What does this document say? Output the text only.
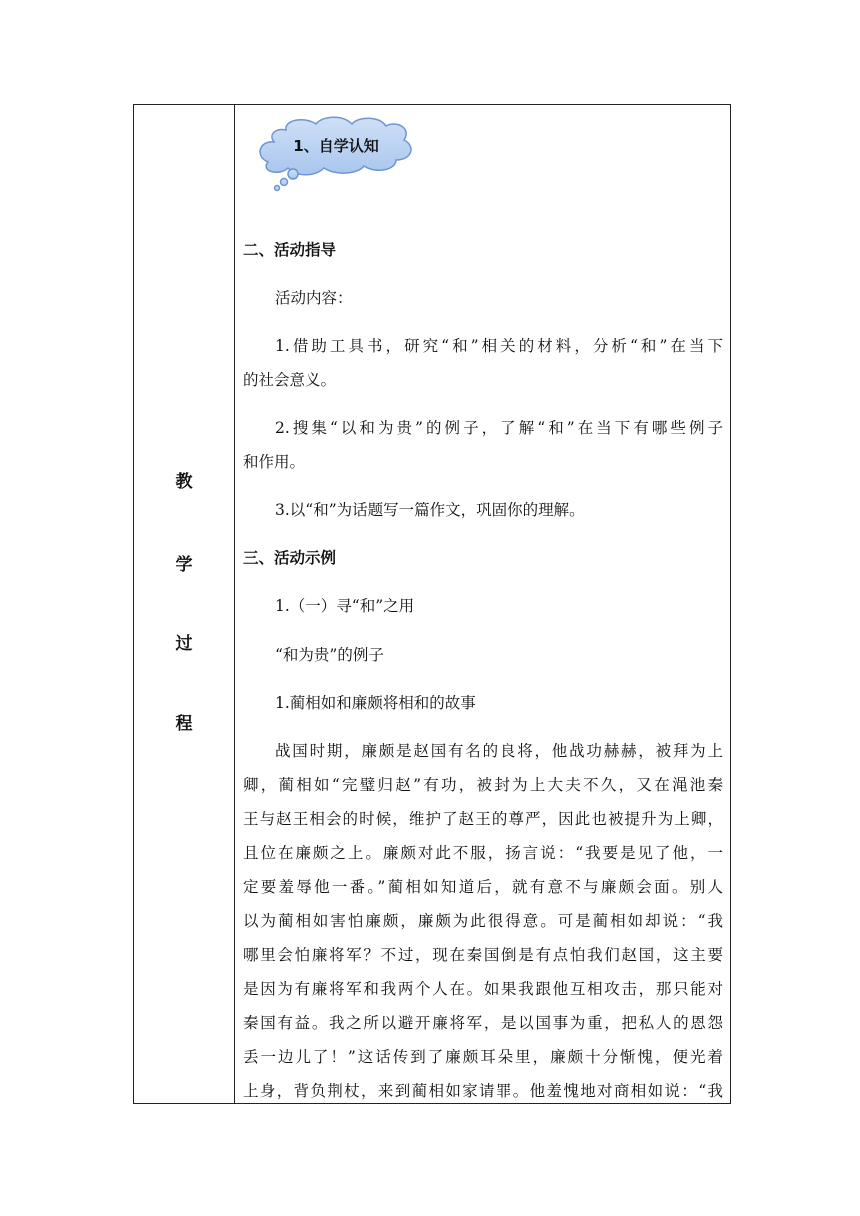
教
学
过
程
1、自学认知
二、活动指导
活动内容：
1.借助工具书，研究“和”相关的材料，分析“和”在当下
的社会意义。
2.搜集“以和为贵”的例子，了解“和”在当下有哪些例子
和作用。
3.以“和”为话题写一篇作文，巩固你的理解。
三、活动示例
1.（一）寻“和”之用
“和为贵”的例子
1.蔺相如和廉颇将相和的故事
战国时期，廉颇是赵国有名的良将，他战功赫赫，被拜为上
卿，蔺相如“完璧归赵”有功，被封为上大夫不久，又在渑池秦
王与赵王相会的时候，维护了赵王的尊严，因此也被提升为上卿，
且位在廉颇之上。廉颇对此不服，扬言说：“我要是见了他，一
定要羞辱他一番。”蔺相如知道后，就有意不与廉颇会面。别人
以为蔺相如害怕廉颇，廉颇为此很得意。可是蔺相如却说：“我
哪里会怕廉将军？不过，现在秦国倒是有点怕我们赵国，这主要
是因为有廉将军和我两个人在。如果我跟他互相攻击，那只能对
秦国有益。我之所以避开廉将军，是以国事为重，把私人的恩怨
丢一边儿了！”这话传到了廉颇耳朵里，廉颇十分惭愧，便光着
上身，背负荆杖，来到蔺相如家请罪。他羞愧地对商相如说：“我
